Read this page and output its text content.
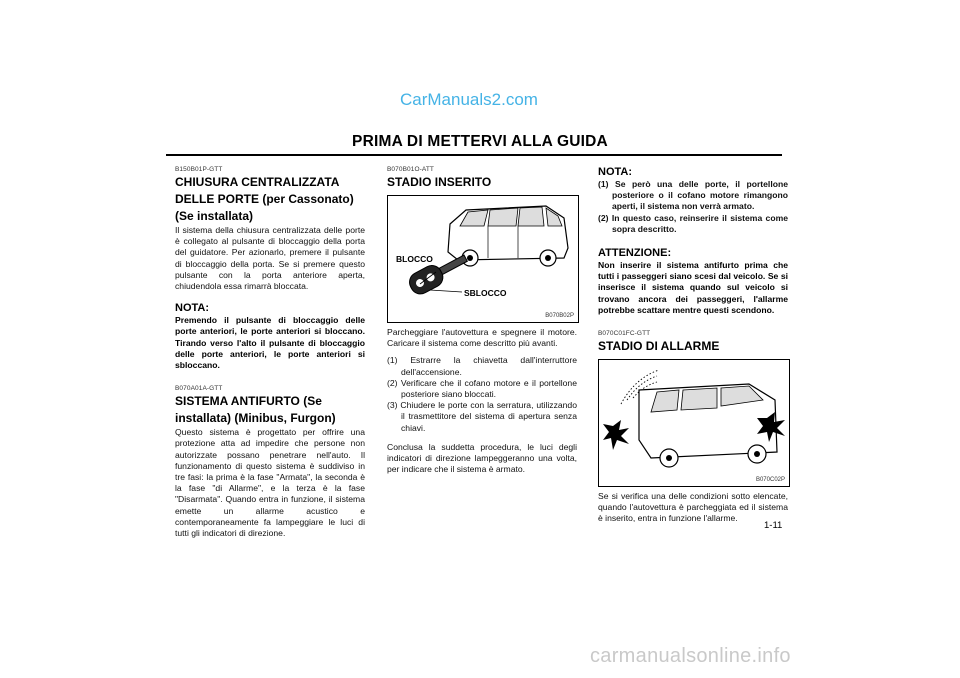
CarManuals2.com
PRIMA DI METTERVI ALLA GUIDA
B150B01P-GTT
CHIUSURA CENTRALIZZATA DELLE PORTE (per Cassonato) (Se installata)

Il sistema della chiusura centralizzata delle porte è collegato al pulsante di bloccaggio della porta del guidatore. Per azionarlo, premere il pulsante di bloccaggio della porta. Se si premere questo pulsante con la porta anteriore aperta, chiudendola essa rimarrà bloccata.

NOTA:

Premendo il pulsante di bloccaggio delle porte anteriori, le porte anteriori si bloccano. Tirando verso l'alto il pulsante di bloccaggio delle porte anteriori, le porte anteriori si sbloccano.

B070A01A-GTT
SISTEMA ANTIFURTO (Se installata) (Minibus, Furgon)

Questo sistema è progettato per offrire una protezione atta ad impedire che persone non autorizzate possano penetrare nell'auto. Il funzionamento di questo sistema è suddiviso in tre fasi: la prima è la fase "Armata", la seconda è la fase "di Allarme", e la terza è la fase "Disarmata". Quando entra in funzione, il sistema emette un allarme acustico e contemporaneamente fa lampeggiare le luci di tutti gli indicatori di direzione.

B070B01O-ATT
STADIO INSERITO
BLOCCO
SBLOCCO
B070B02P

Parcheggiare l'autovettura e spegnere il motore. Caricare il sistema come descritto più avanti.

(1) Estrarre la chiavetta dall'interruttore dell'accensione.
(2) Verificare che il cofano motore e il portellone posteriore siano bloccati.
(3) Chiudere le porte con la serratura, utilizzando il trasmettitore del sistema di apertura senza chiavi.

Conclusa la suddetta procedura, le luci degli indicatori di direzione lampeggeranno una volta, per indicare che il sistema è armato.

NOTA:
(1) Se però una delle porte, il portellone posteriore o il cofano motore rimangono aperti, il sistema non verrà armato.
(2) In questo caso, reinserire il sistema come sopra descritto.
ATTENZIONE:

Non inserire il sistema antifurto prima che tutti i passeggeri siano scesi dal veicolo. Se si inserisce il sistema quando sul veicolo si trovano ancora dei passeggeri, l'allarme potrebbe scattare mentre questi scendono.

B070C01FC-GTT
STADIO DI ALLARME
B070C02P

Se si verifica una delle condizioni sotto elencate, quando l'autovettura è parcheggiata ed il sistema è inserito, entra in funzione l'allarme.

1-11
carmanualsonline.info
